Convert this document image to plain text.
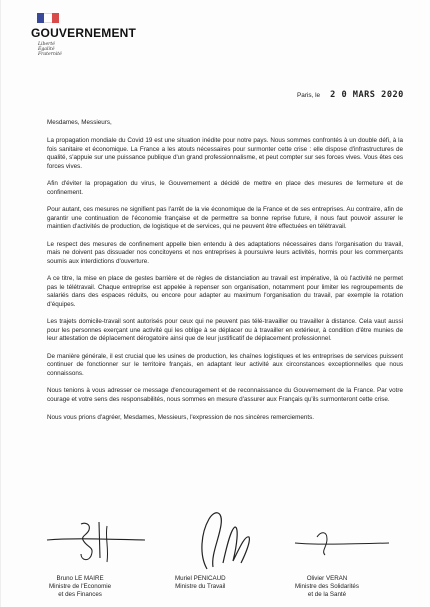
GOUVERNEMENT
Liberté
Égalité
Fraternité
Paris, le 2 0 MARS 2020

Mesdames, Messieurs,

La propagation mondiale du Covid 19 est une situation inédite pour notre pays. Nous sommes confrontés à un double défi, à la fois sanitaire et économique. La France a les atouts nécessaires pour surmonter cette crise : elle dispose d'infrastructures de qualité, s'appuie sur une puissance publique d'un grand professionnalisme, et peut compter sur ses forces vives. Vous êtes ces forces vives.

Afin d'éviter la propagation du virus, le Gouvernement a décidé de mettre en place des mesures de fermeture et de confinement.

Pour autant, ces mesures ne signifient pas l'arrêt de la vie économique de la France et de ses entreprises. Au contraire, afin de garantir une continuation de l'économie française et de permettre sa bonne reprise future, il nous faut pouvoir assurer le maintien d'activités de production, de logistique et de services, qui ne peuvent être effectuées en télétravail.

Le respect des mesures de confinement appelle bien entendu à des adaptations nécessaires dans l'organisation du travail, mais ne doivent pas dissuader nos concitoyens et nos entreprises à poursuivre leurs activités, hormis pour les commerçants soumis aux interdictions d'ouverture.

A ce titre, la mise en place de gestes barrière et de règles de distanciation au travail est impérative, là où l'activité ne permet pas le télétravail. Chaque entreprise est appelée à repenser son organisation, notamment pour limiter les regroupements de salariés dans des espaces réduits, ou encore pour adapter au maximum l'organisation du travail, par exemple la rotation d'équipes.

Les trajets domicile-travail sont autorisés pour ceux qui ne peuvent pas télé-travailler ou travailler à distance. Cela vaut aussi pour les personnes exerçant une activité qui les oblige à se déplacer ou à travailler en extérieur, à condition d'être munies de leur attestation de déplacement dérogatoire ainsi que de leur justificatif de déplacement professionnel.

De manière générale, il est crucial que les usines de production, les chaînes logistiques et les entreprises de services puissent continuer de fonctionner sur le territoire français, en adaptant leur activité aux circonstances exceptionnelles que nous connaissons.

Nous tenions à vous adresser ce message d'encouragement et de reconnaissance du Gouvernement de la France. Par votre courage et votre sens des responsabilités, nous sommes en mesure d'assurer aux Français qu'ils surmonteront cette crise.

Nous vous prions d'agréer, Mesdames, Messieurs, l'expression de nos sincères remerciements.

Bruno LE MAIRE
Ministre de l'Economie
et des Finances
Muriel PENICAUD
Ministre du Travail
Olivier VERAN
Ministre des Solidarités
et de la Santé
